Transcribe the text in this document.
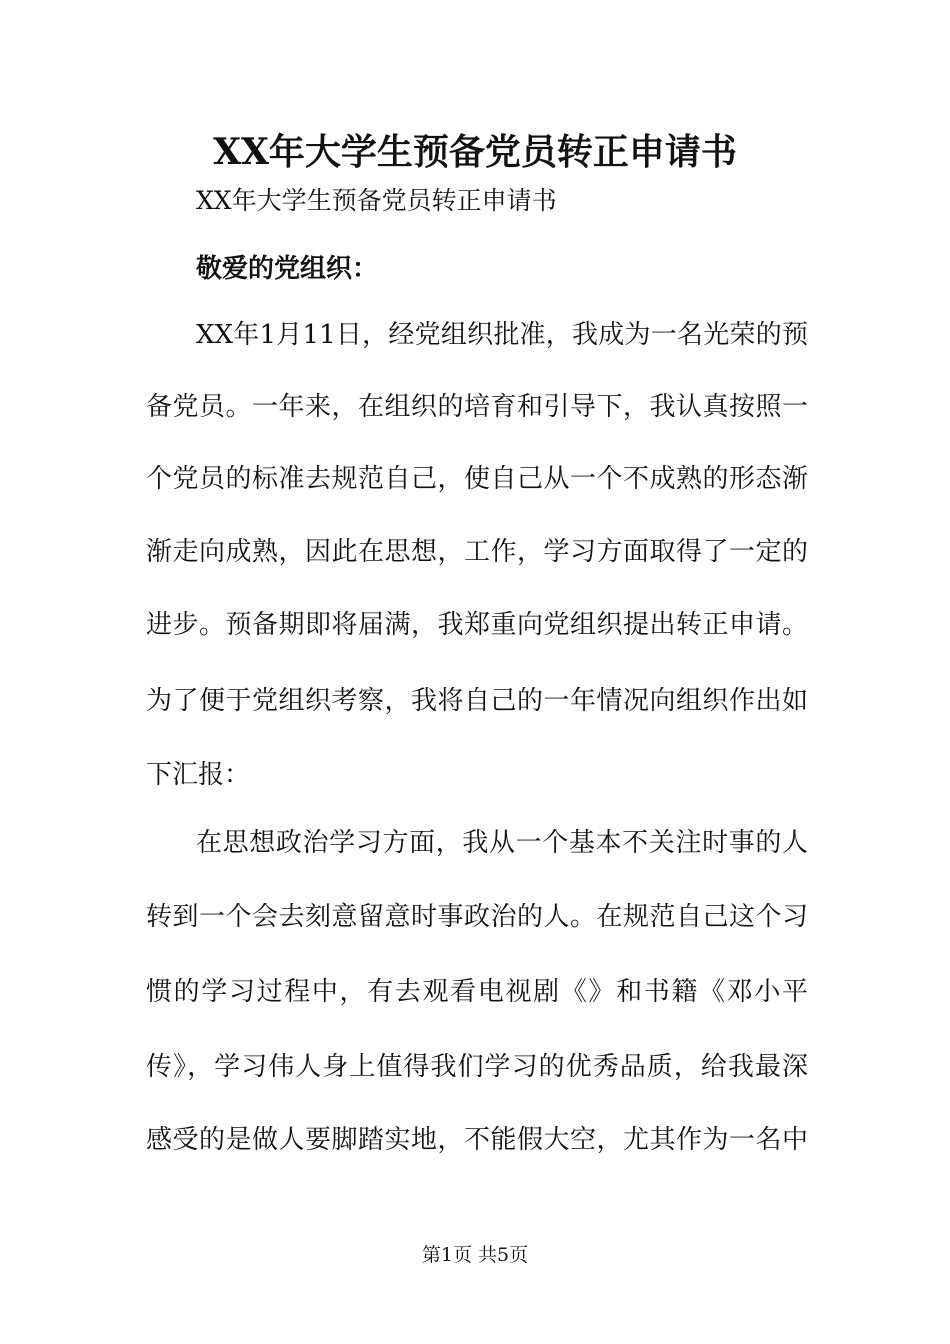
XX年大学生预备党员转正申请书
XX年大学生预备党员转正申请书
敬爱的党组织：
XX年1月11日，经党组织批准，我成为一名光荣的预
备党员。一年来，在组织的培育和引导下，我认真按照一
个党员的标准去规范自己，使自己从一个不成熟的形态渐
渐走向成熟，因此在思想，工作，学习方面取得了一定的
进步。预备期即将届满，我郑重向党组织提出转正申请。
为了便于党组织考察，我将自己的一年情况向组织作出如
下汇报：
在思想政治学习方面，我从一个基本不关注时事的人
转到一个会去刻意留意时事政治的人。在规范自己这个习
惯的学习过程中，有去观看电视剧《》和书籍《邓小平
传》，学习伟人身上值得我们学习的优秀品质，给我最深
感受的是做人要脚踏实地，不能假大空，尤其作为一名中
第1页 共5页
